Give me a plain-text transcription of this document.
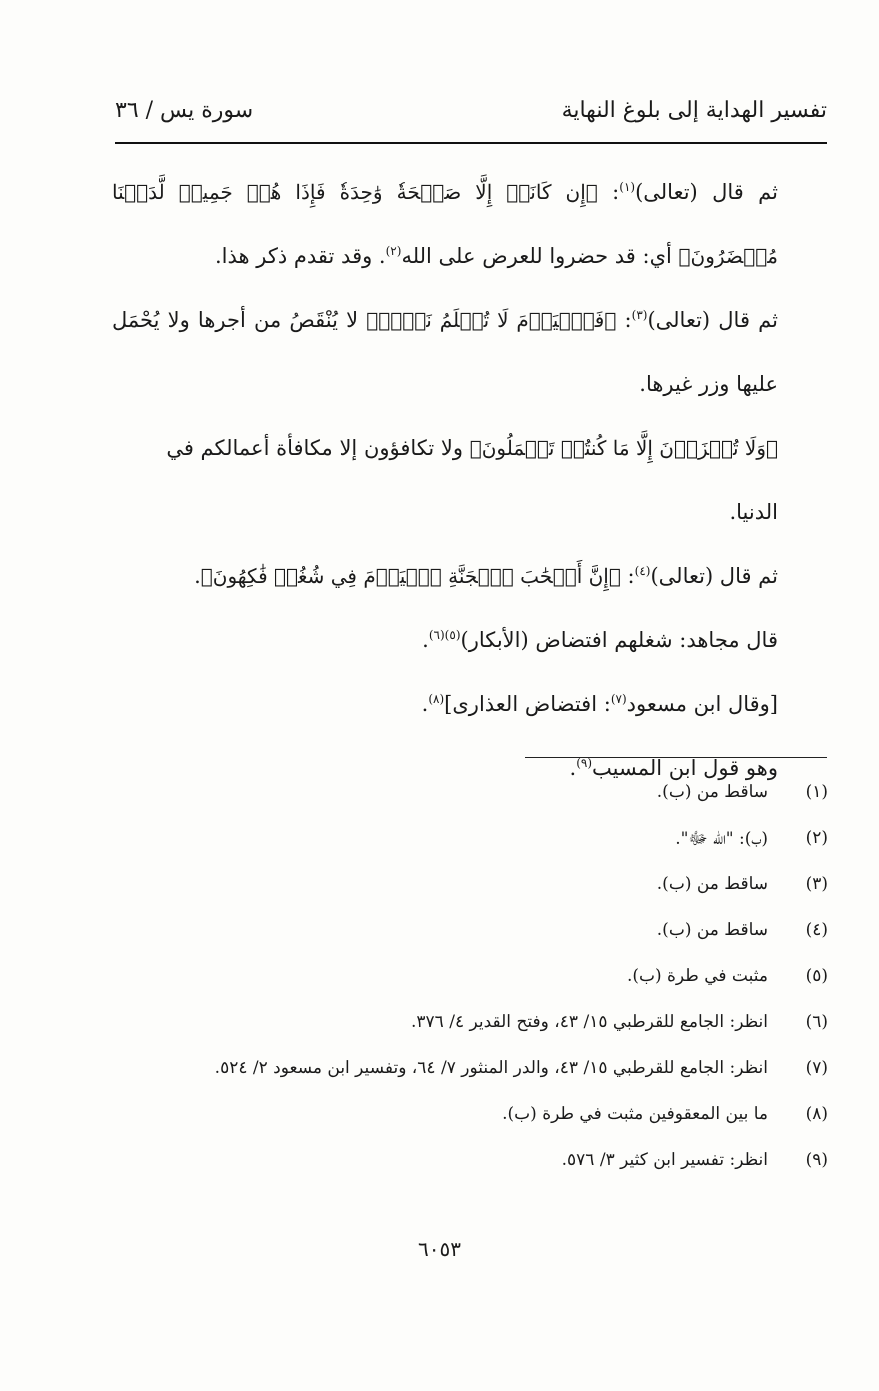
تفسير الهداية إلى بلوغ النهاية
سورة يس / ٣٦

ثم قال (تعالى)$^{(١)}$: ﴿إِن كَانَتۡ إِلَّا صَيۡحَةٗ وَٰحِدَةٗ فَإِذَا هُمۡ جَمِيعٞ لَّدَيۡنَا مُحۡضَرُونَ﴾ أي: قد حضروا للعرض على الله$^{(٢)}$. وقد تقدم ذكر هذا.

ثم قال (تعالى)$^{(٣)}$: ﴿فَٱلۡيَوۡمَ لَا تُظۡلَمُ نَفۡسٞ﴾ لا يُنْقَصُ من أجرها ولا يُحْمَل عليها وزر غيرها.

﴿وَلَا تُجۡزَوۡنَ إِلَّا مَا كُنتُمۡ تَعۡمَلُونَ﴾ ولا تكافؤون إلا مكافأة أعمالكم في الدنيا.

ثم قال (تعالى)$^{(٤)}$: ﴿إِنَّ أَصۡحَٰبَ ٱلۡجَنَّةِ ٱلۡيَوۡمَ فِي شُغُلٖ فَٰكِهُونَ﴾.

قال مجاهد: شغلهم افتضاض (الأبكار)$^{(٥)(٦)}$.

[وقال ابن مسعود$^{(٧)}$: افتضاض العذارى]$^{(٨)}$.

وهو قول ابن المسيب$^{(٩)}$.

(١)
ساقط من (ب).
(٢)
(ب): "الله ﷻ".
(٣)
ساقط من (ب).
(٤)
ساقط من (ب).
(٥)
مثبت في طرة (ب).
(٦)
انظر: الجامع للقرطبي ١٥/ ٤٣، وفتح القدير ٤/ ٣٧٦.
(٧)
انظر: الجامع للقرطبي ١٥/ ٤٣، والدر المنثور ٧/ ٦٤، وتفسير ابن مسعود ٢/ ٥٢٤.
(٨)
ما بين المعقوفين مثبت في طرة (ب).
(٩)
انظر: تفسير ابن كثير ٣/ ٥٧٦.
٦٠٥٣
